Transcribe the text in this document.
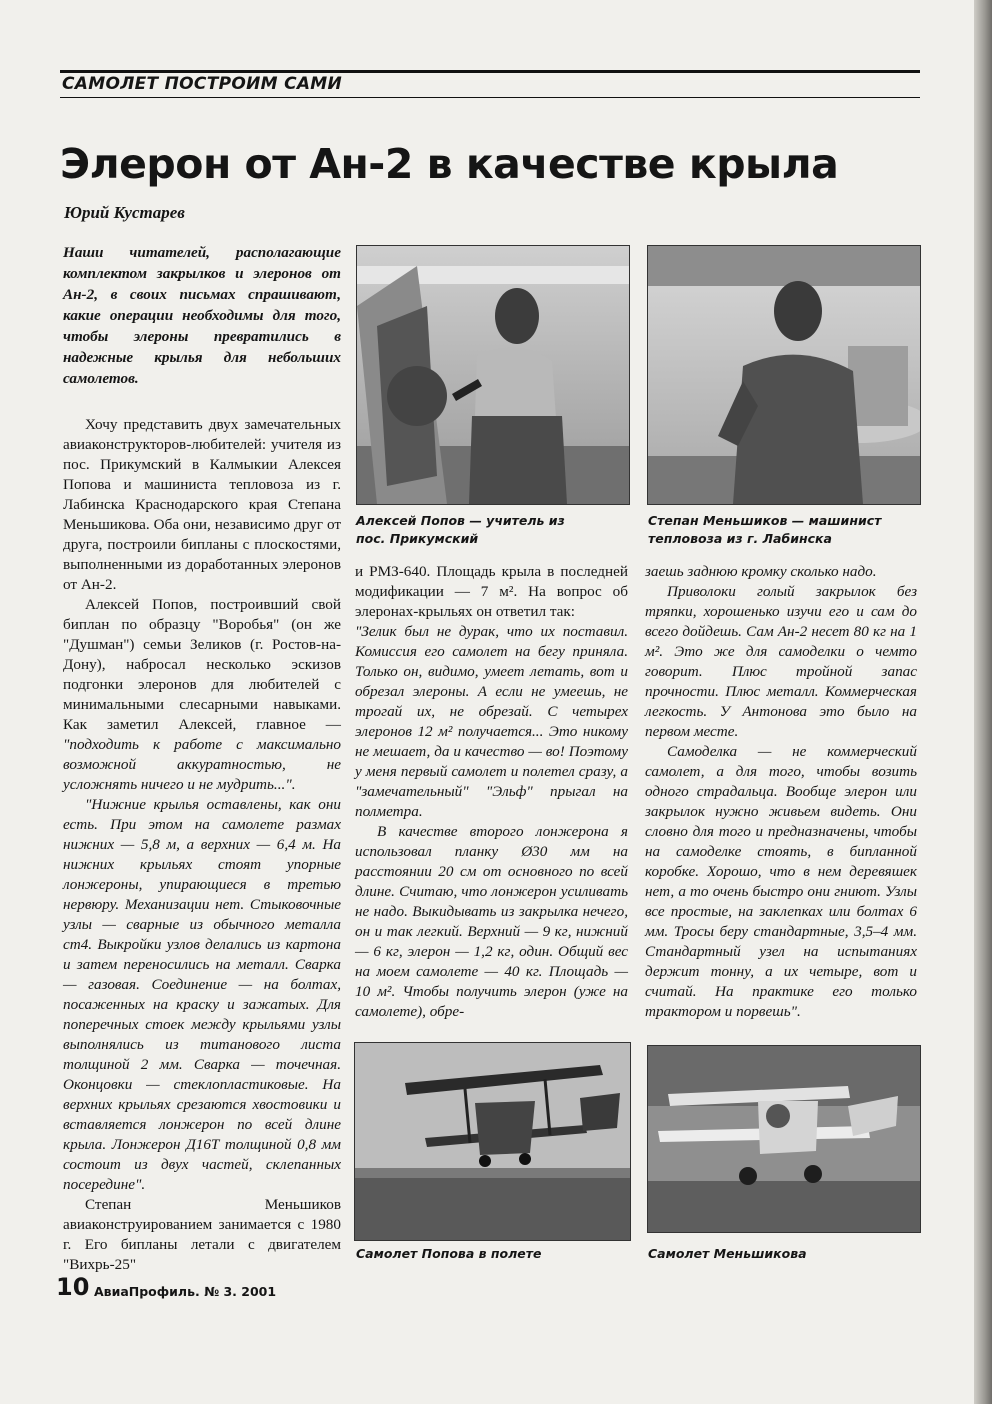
САМОЛЕТ ПОСТРОИМ САМИ
Элерон от Ан-2 в качестве крыла
Юрий Кустарев

Наши читателей, располагающие комплектом закрылков и элеронов от Ан-2, в своих письмах спрашивают, какие операции необходимы для того, чтобы элероны превратились в надежные крылья для небольших самолетов.

Хочу представить двух замечательных авиаконструкторов-любителей: учителя из пос. Прикумский в Калмыкии Алексея Попова и машиниста тепловоза из г. Лабинска Краснодарского края Степана Меньшикова. Оба они, независимо друг от друга, построили бипланы с плоскостями, выполненными из доработанных элеронов от Ан-2.

Алексей Попов, построивший свой биплан по образцу "Воробья" (он же "Душман") семьи Зеликов (г. Ростов-на-Дону), набросал несколько эскизов подгонки элеронов для любителей с минимальными слесарными навыками. Как заметил Алексей, главное — "подходить к работе с максимально возможной аккуратностью, не усложнять ничего и не мудрить...".

"Нижние крылья оставлены, как они есть. При этом на самолете размах нижних — 5,8 м, а верхних — 6,4 м. На нижних крыльях стоят упорные лонжероны, упирающиеся в третью нервюру. Механизации нет. Стыковочные узлы — сварные из обычного металла ст4. Выкройки узлов делались из картона и затем переносились на металл. Сварка — газовая. Соединение — на болтах, посаженных на краску и зажатых. Для поперечных стоек между крыльями узлы выполнялись из титанового листа толщиной 2 мм. Сварка — точечная. Оконцовки — стеклопластиковые. На верхних крыльях срезаются хвостовики и вставляется лонжерон по всей длине крыла. Лонжерон Д16Т толщиной 0,8 мм состоит из двух частей, склепанных посередине".

Степан Меньшиков авиаконструированием занимается с 1980 г. Его бипланы летали с двигателем "Вихрь-25"

Алексей Попов — учитель из пос. Прикумский
Степан Меньшиков — машинист тепловоза из г. Лабинска

и РМЗ-640. Площадь крыла в последней модификации — 7 м². На вопрос об элеронах-крыльях он ответил так:

"Зелик был не дурак, что их поставил. Комиссия его самолет на бегу приняла. Только он, видимо, умеет летать, вот и обрезал элероны. А если не умеешь, не трогай их, не обрезай. С четырех элеронов 12 м² получается... Это никому не мешает, да и качество — во! Поэтому у меня первый самолет и полетел сразу, а "замечательный" "Эльф" прыгал на полметра.

В качестве второго лонжерона я использовал планку Ø30 мм на расстоянии 20 см от основного по всей длине. Считаю, что лонжерон усиливать не надо. Выкидывать из закрылка нечего, он и так легкий. Верхний — 9 кг, нижний — 6 кг, элерон — 1,2 кг, один. Общий вес на моем самолете — 40 кг. Площадь — 10 м². Чтобы получить элерон (уже на самолете), обре-

заешь заднюю кромку сколько надо.

Приволоки голый закрылок без тряпки, хорошенько изучи его и сам до всего дойдешь. Сам Ан-2 несет 80 кг на 1 м². Это же для самоделки о чемто говорит. Плюс тройной запас прочности. Плюс металл. Коммерческая легкость. У Антонова это было на первом месте.

Самоделка — не коммерческий самолет, а для того, чтобы возить одного страдальца. Вообще элерон или закрылок нужно живьем видеть. Они словно для того и предназначены, чтобы на самоделке стоять, в бипланной коробке. Хорошо, что в нем деревяшек нет, а то очень быстро они гниют. Узлы все простые, на заклепках или болтах 6 мм. Тросы беру стандартные, 3,5–4 мм. Стандартный узел на испытаниях держит тонну, а их четыре, вот и считай. На практике его только трактором и порвешь".

Самолет Попова в полете	Самолет Меньшикова
10 АвиаПрофиль. № 3. 2001
